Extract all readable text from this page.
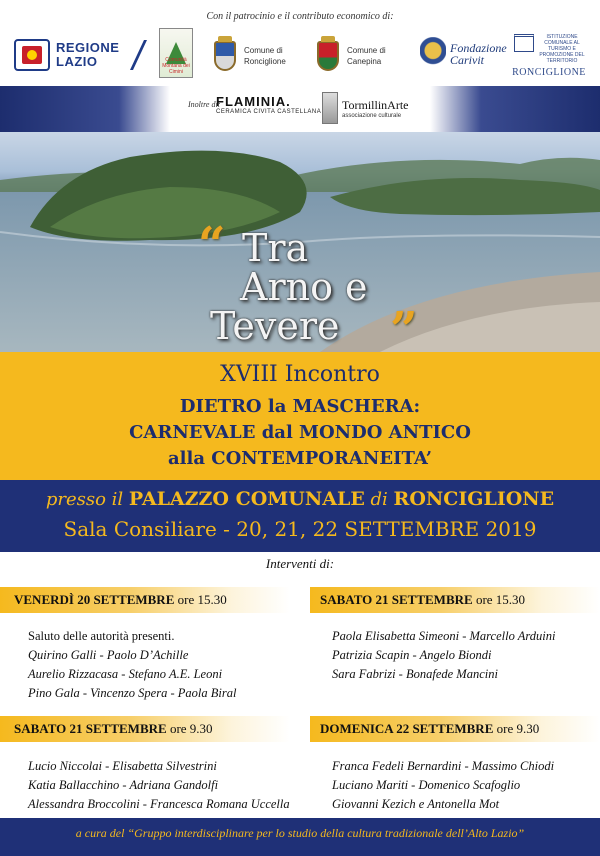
Con il patrocinio e il contributo economico di:
REGIONE LAZIO	Comunità Montana dei Cimini
Comune di Ronciglione
Comune di Canepina
Fondazione Carivit
ISTITUZIONE COMUNALE AL TURISMO E PROMOZIONE DEL TERRITORIO
RONCIGLIONE
Inoltre di:
FLAMINIA.
CERAMICA CIVITA CASTELLANA
TormillinArte
associazione culturale
“ Tra
Arno e
Tevere ”
XVIII Incontro
DIETRO la MASCHERA:
CARNEVALE dal MONDO ANTICO
alla CONTEMPORANEITA’
presso il PALAZZO COMUNALE di RONCIGLIONE
Sala Consiliare - 20, 21, 22 SETTEMBRE 2019
Interventi di:
VENERDÌ 20 SETTEMBRE ore 15.30	SABATO 21 SETTEMBRE ore 15.30
Saluto delle autorità presenti.
Quirino Galli - Paolo D’Achille
Aurelio Rizzacasa - Stefano A.E. Leoni
Pino Gala - Vincenzo Spera - Paola Biral
Paola Elisabetta Simeoni - Marcello Arduini
Patrizia Scapin - Angelo Biondi
Sara Fabrizi - Bonafede Mancini
SABATO 21 SETTEMBRE ore 9.30	DOMENICA 22 SETTEMBRE ore 9.30
Lucio Niccolai - Elisabetta Silvestrini
Katia Ballacchino - Adriana Gandolfi
Alessandra Broccolini - Francesca Romana Uccella
Franca Fedeli Bernardini - Massimo Chiodi
Luciano Mariti - Domenico Scafoglio
Giovanni Kezich e Antonella Mot
a cura del “Gruppo interdisciplinare per lo studio della cultura tradizionale dell’Alto Lazio”
